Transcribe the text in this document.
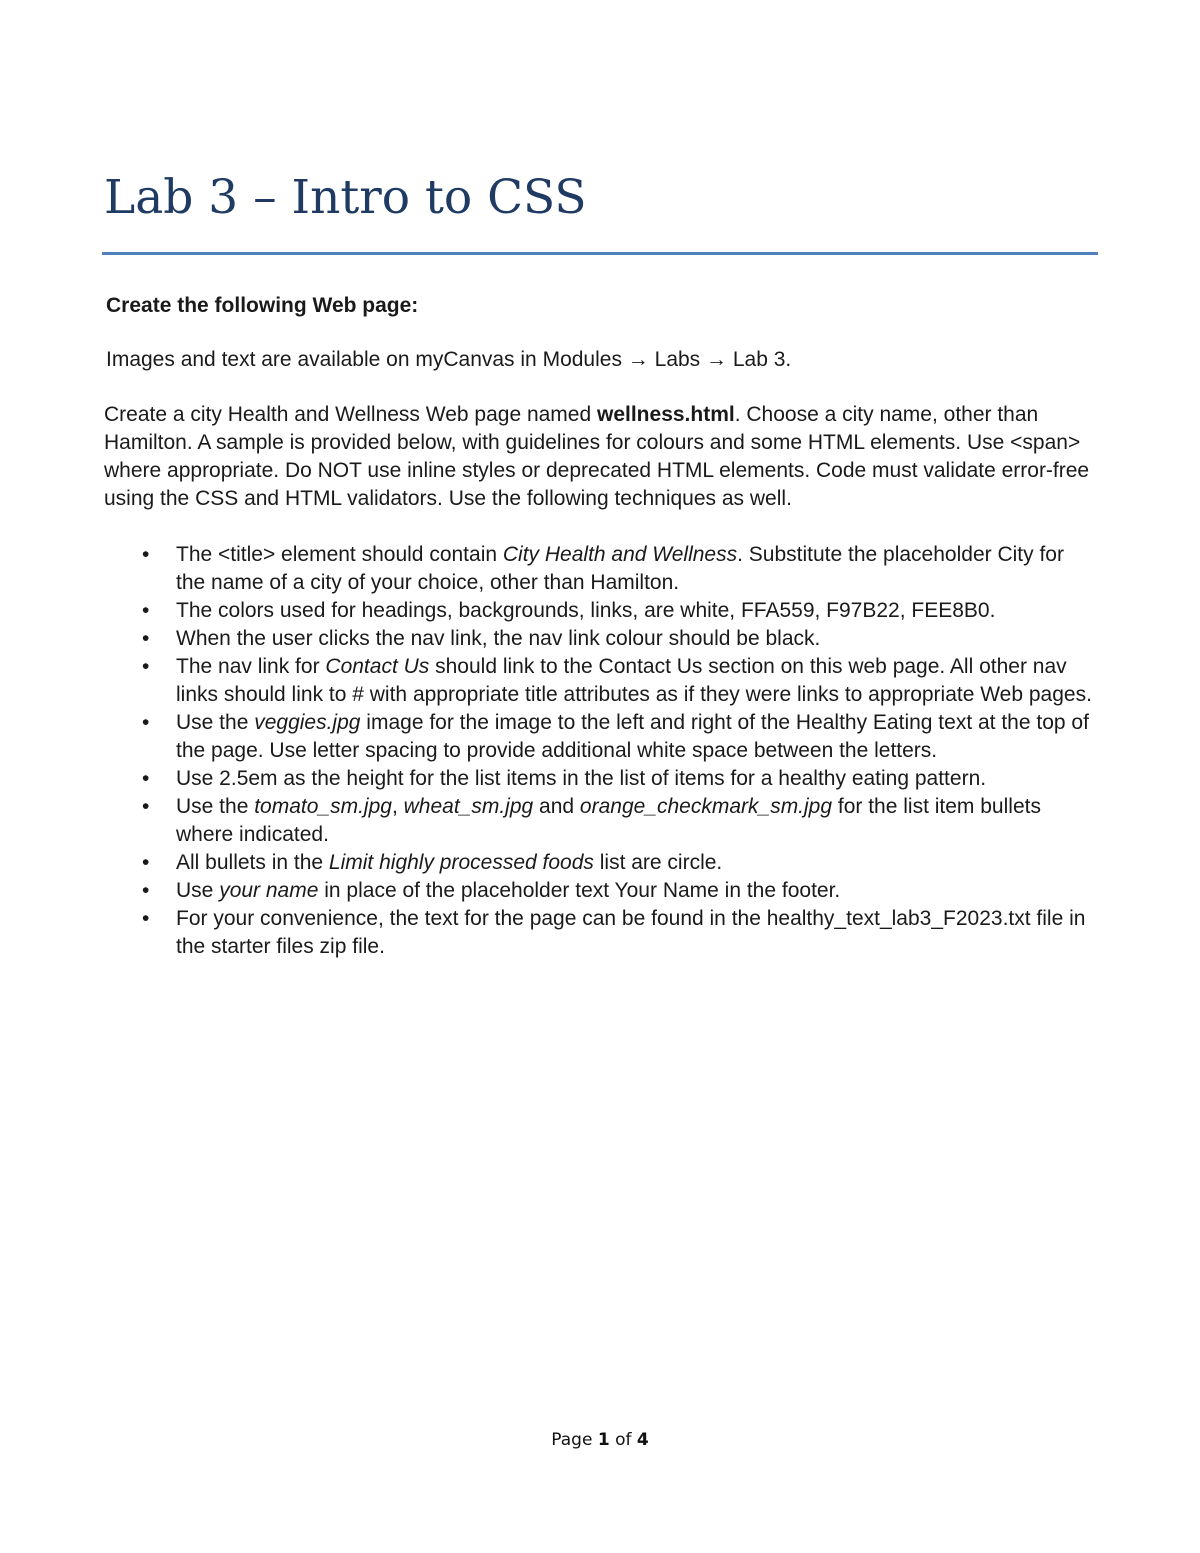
Lab 3 – Intro to CSS

Create the following Web page:

Images and text are available on myCanvas in Modules → Labs → Lab 3.

Create a city Health and Wellness Web page named wellness.html. Choose a city name, other than Hamilton. A sample is provided below, with guidelines for colours and some HTML elements. Use <span> where appropriate. Do NOT use inline styles or deprecated HTML elements. Code must validate error-free using the CSS and HTML validators. Use the following techniques as well.

•	The <title> element should contain City Health and Wellness. Substitute the placeholder City for the name of a city of your choice, other than Hamilton.
•	The colors used for headings, backgrounds, links, are white, FFA559, F97B22, FEE8B0.
•	When the user clicks the nav link, the nav link colour should be black.
•	The nav link for Contact Us should link to the Contact Us section on this web page. All other nav links should link to # with appropriate title attributes as if they were links to appropriate Web pages.
•	Use the veggies.jpg image for the image to the left and right of the Healthy Eating text at the top of the page. Use letter spacing to provide additional white space between the letters.
•	Use 2.5em as the height for the list items in the list of items for a healthy eating pattern.
•	Use the tomato_sm.jpg, wheat_sm.jpg and orange_checkmark_sm.jpg for the list item bullets where indicated.
•	All bullets in the Limit highly processed foods list are circle.
•	Use your name in place of the placeholder text Your Name in the footer.
•	For your convenience, the text for the page can be found in the healthy_text_lab3_F2023.txt file in the starter files zip file.
Page 1 of 4
